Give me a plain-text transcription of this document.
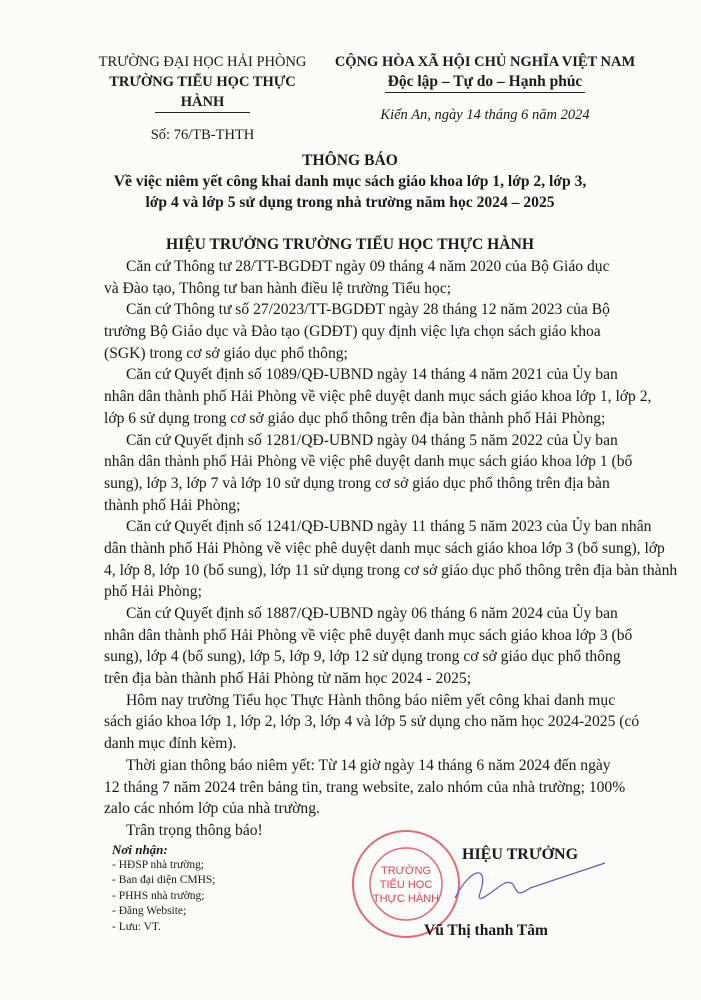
TRƯỜNG ĐẠI HỌC HẢI PHÒNG
TRƯỜNG TIỂU HỌC THỰC HÀNH
Số: 76/TB-THTH
CỘNG HÒA XÃ HỘI CHỦ NGHĨA VIỆT NAM
Độc lập – Tự do – Hạnh phúc
Kiến An, ngày 14 tháng 6 năm 2024
THÔNG BÁO
Về việc niêm yết công khai danh mục sách giáo khoa lớp 1, lớp 2, lớp 3,
lớp 4 và lớp 5 sử dụng trong nhà trường năm học 2024 – 2025
HIỆU TRƯỞNG TRƯỜNG TIỂU HỌC THỰC HÀNH
Căn cứ Thông tư 28/TT-BGDĐT ngày 09 tháng 4 năm 2020 của Bộ Giáo dục
và Đào tạo, Thông tư ban hành điều lệ trường Tiểu học;
Căn cứ Thông tư số 27/2023/TT-BGDĐT ngày 28 tháng 12 năm 2023 của Bộ
trưởng Bộ Giáo dục và Đào tạo (GDĐT) quy định việc lựa chọn sách giáo khoa
(SGK) trong cơ sở giáo dục phổ thông;
Căn cứ Quyết định số 1089/QĐ-UBND ngày 14 tháng 4 năm 2021 của Ủy ban
nhân dân thành phố Hải Phòng về việc phê duyệt danh mục sách giáo khoa lớp 1, lớp 2,
lớp 6 sử dụng trong cơ sở giáo dục phổ thông trên địa bàn thành phố Hải Phòng;
Căn cứ Quyết định số 1281/QĐ-UBND ngày 04 tháng 5 năm 2022 của Ủy ban
nhân dân thành phố Hải Phòng về việc phê duyệt danh mục sách giáo khoa lớp 1 (bổ
sung), lớp 3, lớp 7 và lớp 10 sử dụng trong cơ sở giáo dục phổ thông trên địa bàn
thành phố Hải Phòng;
Căn cứ Quyết định số 1241/QĐ-UBND ngày 11 tháng 5 năm 2023 của Ủy ban nhân
dân thành phố Hải Phòng về việc phê duyệt danh mục sách giáo khoa lớp 3 (bổ sung), lớp
4, lớp 8, lớp 10 (bổ sung), lớp 11 sử dụng trong cơ sở giáo dục phổ thông trên địa bàn thành
phố Hải Phòng;
Căn cứ Quyết định số 1887/QĐ-UBND ngày 06 tháng 6 năm 2024 của Ủy ban
nhân dân thành phố Hải Phòng về việc phê duyệt danh mục sách giáo khoa lớp 3 (bổ
sung), lớp 4 (bổ sung), lớp 5, lớp 9, lớp 12 sử dụng trong cơ sở giáo dục phổ thông
trên địa bàn thành phố Hải Phòng từ năm học 2024 - 2025;
Hôm nay trường Tiểu học Thực Hành thông báo niêm yết công khai danh mục
sách giáo khoa lớp 1, lớp 2, lớp 3, lớp 4 và lớp 5 sử dụng cho năm học 2024-2025 (có
danh mục đính kèm).
Thời gian thông báo niêm yết: Từ 14 giờ ngày 14 tháng 6 năm 2024 đến ngày
12 tháng 7 năm 2024 trên bảng tin, trang website, zalo nhóm của nhà trường; 100%
zalo các nhóm lớp của nhà trường.
Trân trọng thông báo!
Nơi nhận:
- HĐSP nhà trường;
- Ban đại diện CMHS;
- PHHS nhà trường;
- Đăng Website;
- Lưu: VT.
TRƯỜNG
TIỂU HỌC
THỰC HÀNH
HIỆU TRƯỞNG
Vũ Thị thanh Tâm
